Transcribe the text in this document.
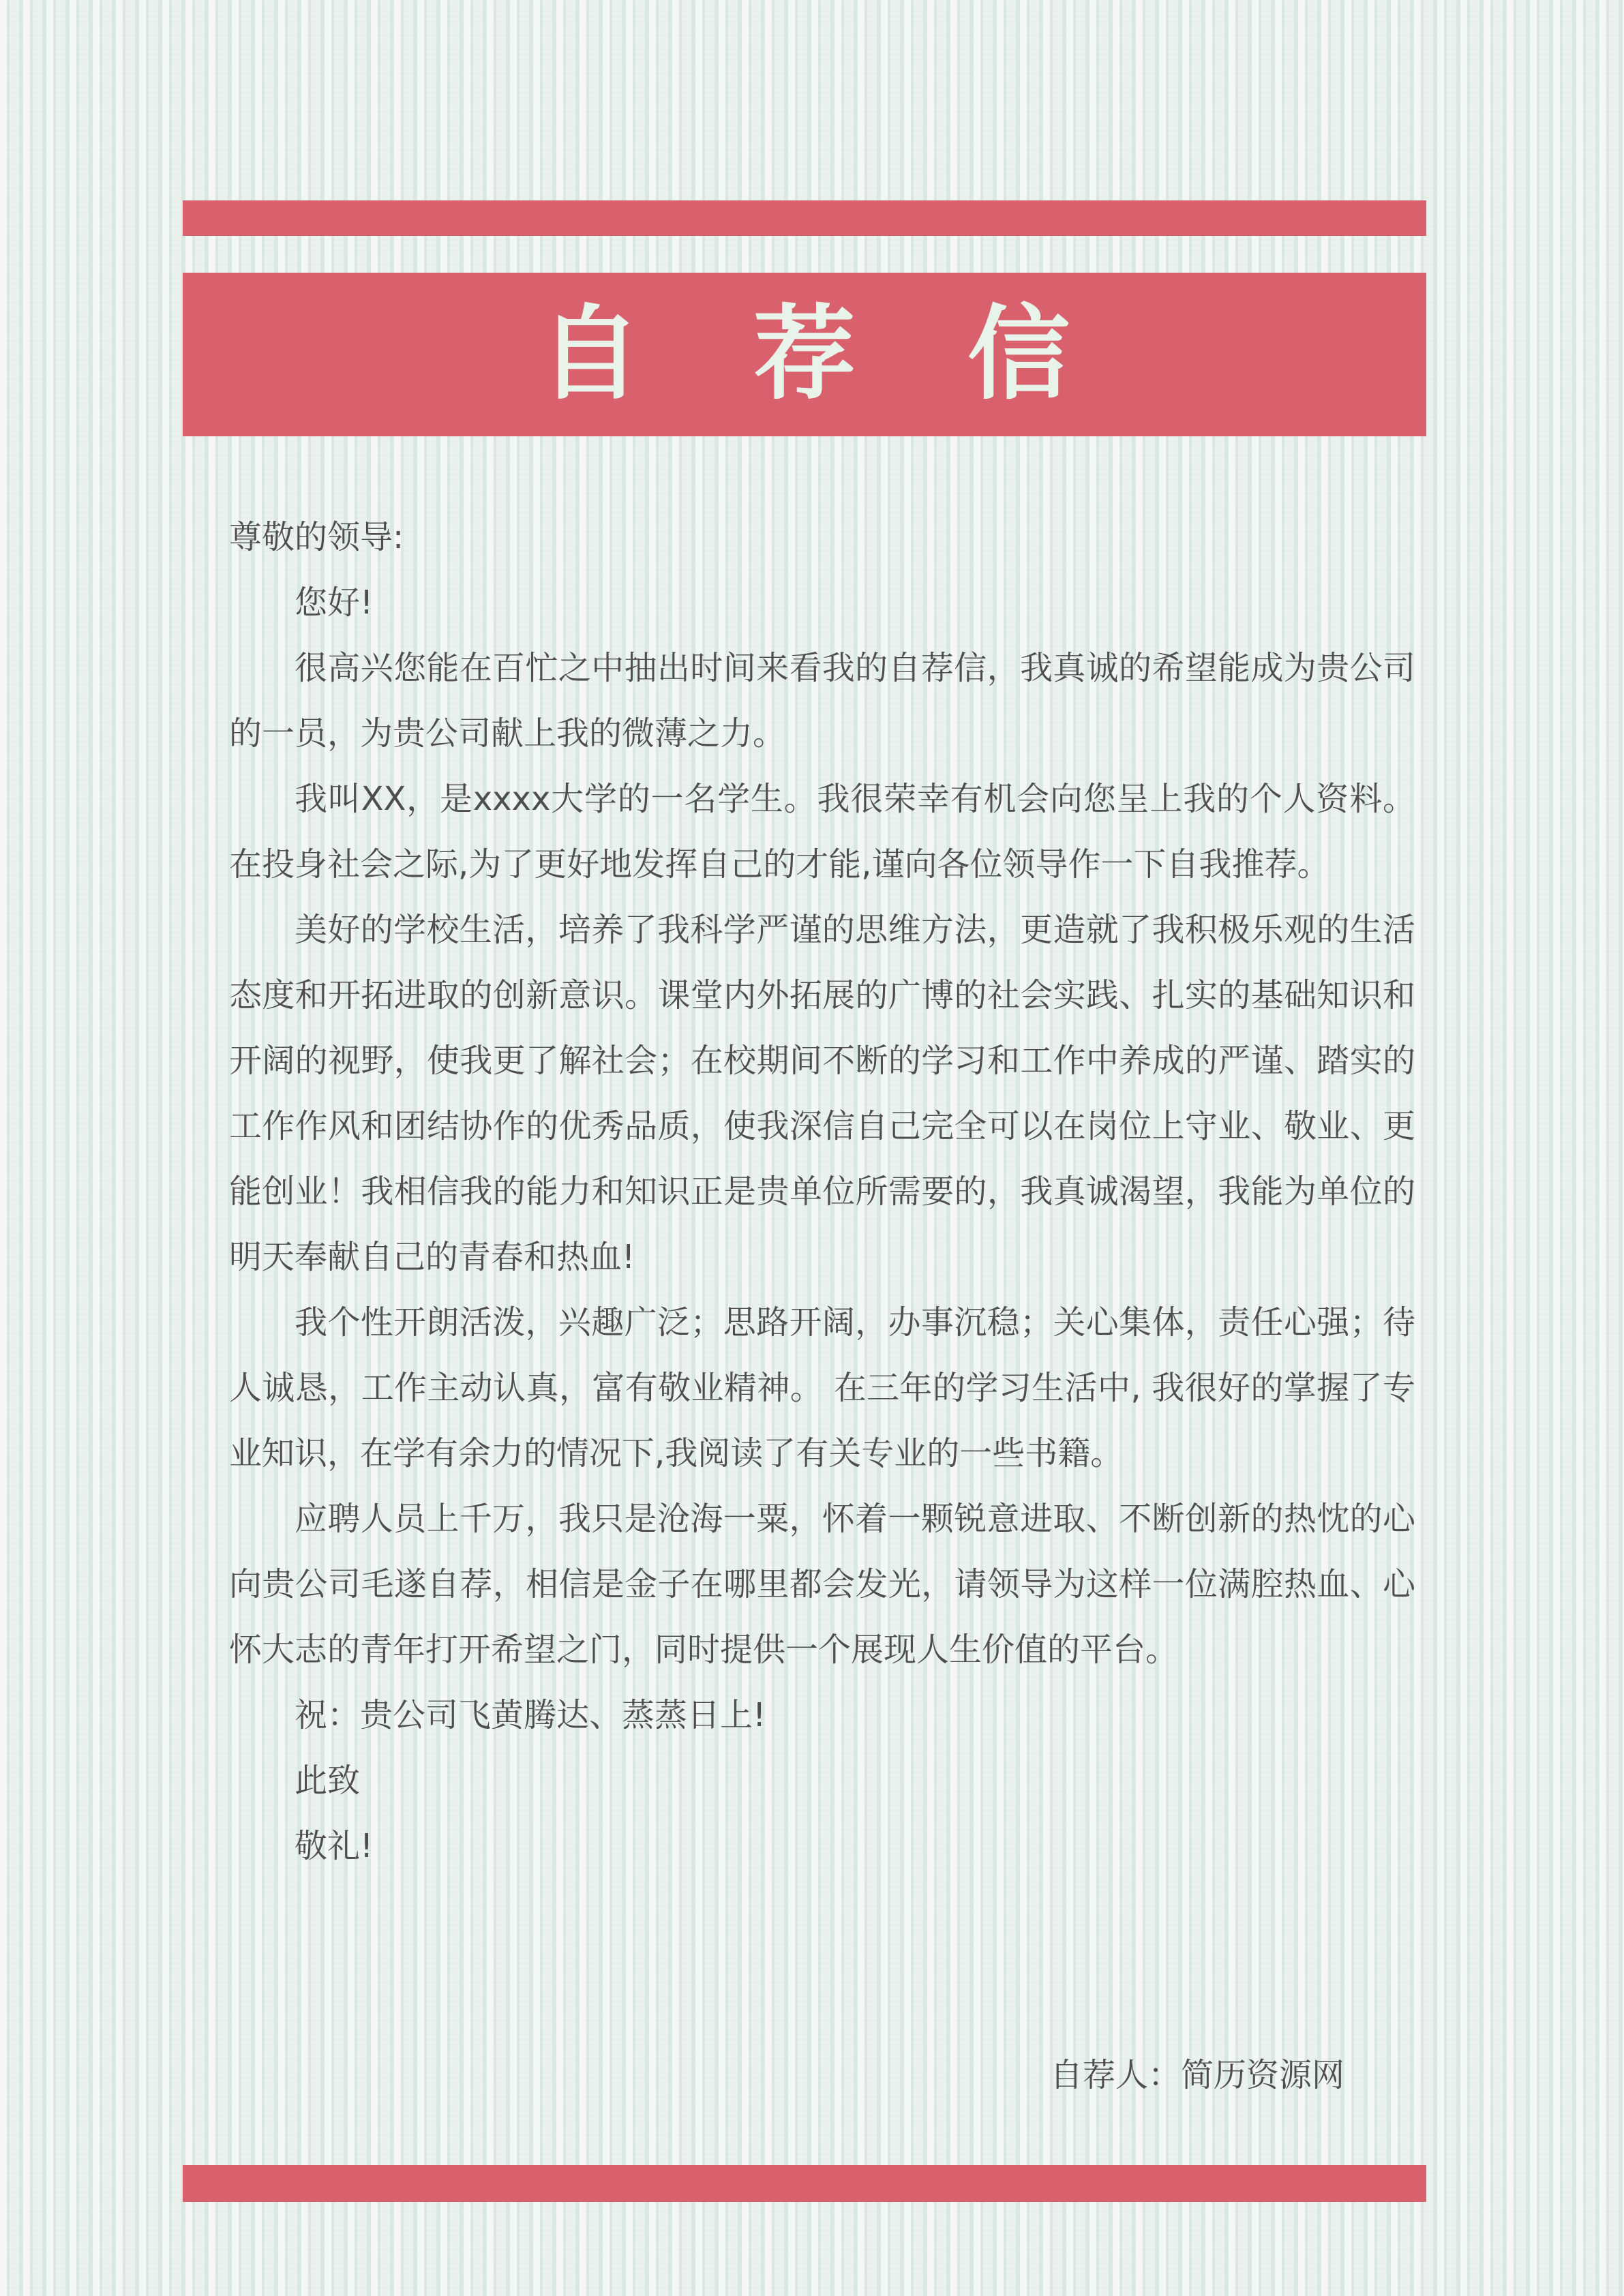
自 荐 信

尊敬的领导:

您好!

很高兴您能在百忙之中抽出时间来看我的自荐信，我真诚的希望能成为贵公司的一员，为贵公司献上我的微薄之力。

我叫XX，是xxxx大学的一名学生。我很荣幸有机会向您呈上我的个人资料。在投身社会之际,为了更好地发挥自己的才能,谨向各位领导作一下自我推荐。

美好的学校生活，培养了我科学严谨的思维方法，更造就了我积极乐观的生活态度和开拓进取的创新意识。课堂内外拓展的广博的社会实践、扎实的基础知识和开阔的视野，使我更了解社会；在校期间不断的学习和工作中养成的严谨、踏实的工作作风和团结协作的优秀品质，使我深信自己完全可以在岗位上守业、敬业、更能创业！我相信我的能力和知识正是贵单位所需要的，我真诚渴望，我能为单位的明天奉献自己的青春和热血!

我个性开朗活泼，兴趣广泛；思路开阔，办事沉稳；关心集体，责任心强；待人诚恳，工作主动认真，富有敬业精神。 在三年的学习生活中, 我很好的掌握了专业知识，在学有余力的情况下,我阅读了有关专业的一些书籍。

应聘人员上千万，我只是沧海一粟，怀着一颗锐意进取、不断创新的热忱的心向贵公司毛遂自荐，相信是金子在哪里都会发光，请领导为这样一位满腔热血、心怀大志的青年打开希望之门，同时提供一个展现人生价值的平台。

祝：贵公司飞黄腾达、蒸蒸日上!

此致

敬礼!

自荐人：简历资源网
